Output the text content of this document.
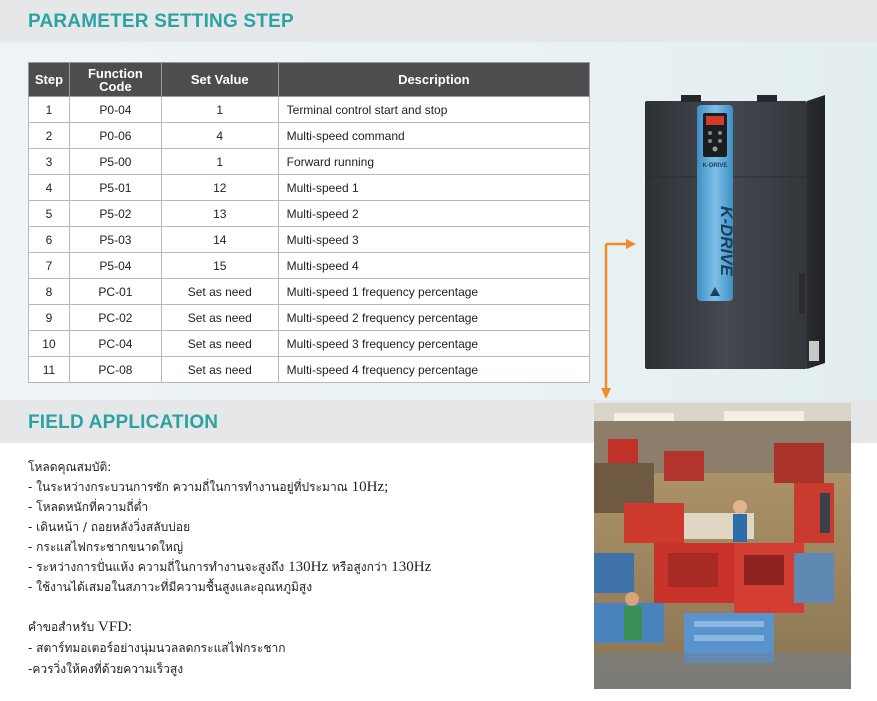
PARAMETER SETTING STEP
Step	Function Code	Set Value	Description
1	P0-04	1	Terminal control start and stop
2	P0-06	4	Multi-speed command
3	P5-00	1	Forward running
4	P5-01	12	Multi-speed 1
5	P5-02	13	Multi-speed 2
6	P5-03	14	Multi-speed 3
7	P5-04	15	Multi-speed 4
8	PC-01	Set as need	Multi-speed 1 frequency percentage
9	PC-02	Set as need	Multi-speed 2 frequency percentage
10	PC-04	Set as need	Multi-speed 3 frequency percentage
11	PC-08	Set as need	Multi-speed 4 frequency percentage
K-DRIVE
K-DRIVE
FIELD APPLICATION
โหลดคุณสมบัติ:
- ในระหว่างกระบวนการซัก ความถี่ในการทำงานอยู่ที่ประมาณ 10Hz;
- โหลดหนักที่ความถี่ต่ำ
- เดินหน้า / ถอยหลังวิ่งสลับบ่อย
- กระแสไฟกระชากขนาดใหญ่
- ระหว่างการปั่นแห้ง ความถี่ในการทำงานจะสูงถึง 130Hz หรือสูงกว่า 130Hz
- ใช้งานได้เสมอในสภาวะที่มีความชื้นสูงและอุณหภูมิสูง
คำขอสำหรับ VFD:
- สตาร์ทมอเตอร์อย่างนุ่มนวลลดกระแสไฟกระชาก
-ควรวิ่งให้คงที่ด้วยความเร็วสูง
